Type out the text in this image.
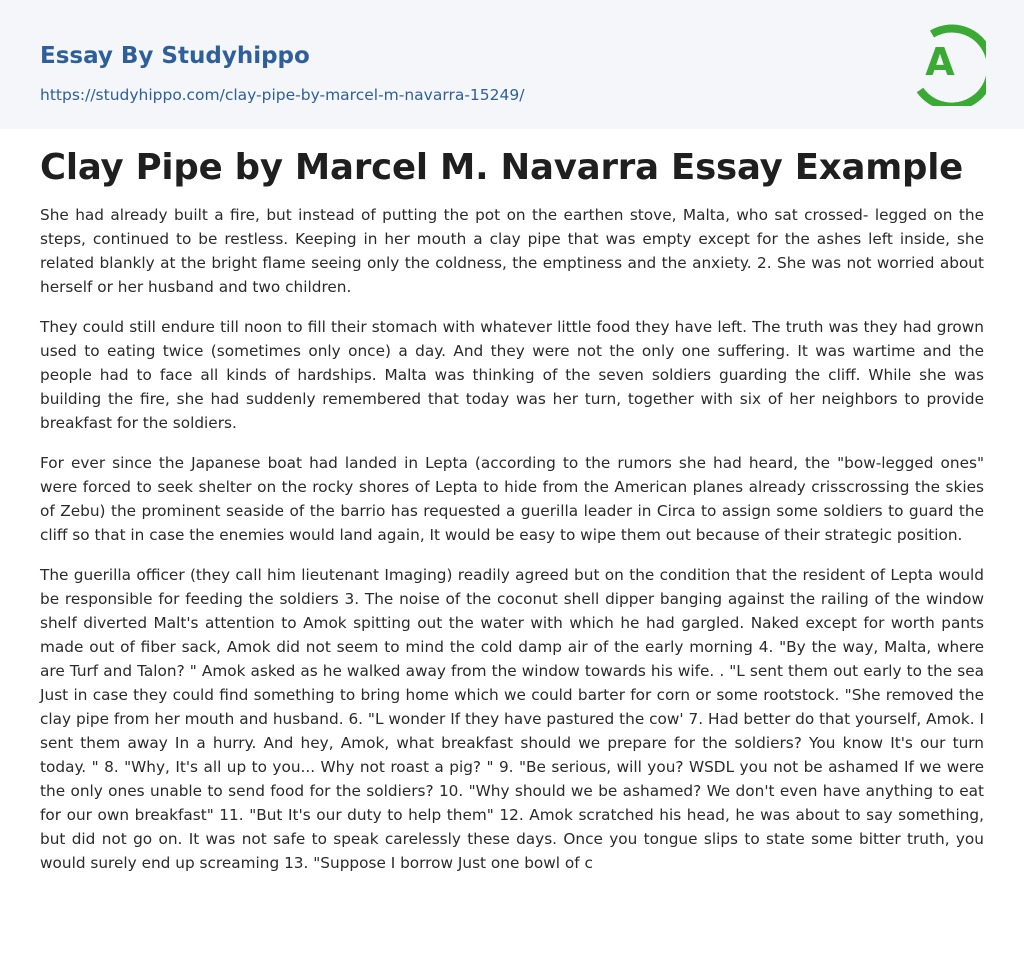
Essay By Studyhippo
https://studyhippo.com/clay-pipe-by-marcel-m-navarra-15249/
A
Clay Pipe by Marcel M. Navarra Essay Example

She had already built a fire, but instead of putting the pot on the earthen stove, Malta, who sat crossed- legged on the steps, continued to be restless. Keeping in her mouth a clay pipe that was empty except for the ashes left inside, she related blankly at the bright flame seeing only the coldness, the emptiness and the anxiety. 2. She was not worried about herself or her husband and two children.

They could still endure till noon to fill their stomach with whatever little food they have left. The truth was they had grown used to eating twice (sometimes only once) a day. And they were not the only one suffering. It was wartime and the people had to face all kinds of hardships. Malta was thinking of the seven soldiers guarding the cliff. While she was building the fire, she had suddenly remembered that today was her turn, together with six of her neighbors to provide breakfast for the soldiers.

For ever since the Japanese boat had landed in Lepta (according to the rumors she had heard, the "bow-legged ones" were forced to seek shelter on the rocky shores of Lepta to hide from the American planes already crisscrossing the skies of Zebu) the prominent seaside of the barrio has requested a guerilla leader in Circa to assign some soldiers to guard the cliff so that in case the enemies would land again, It would be easy to wipe them out because of their strategic position.

The guerilla officer (they call him lieutenant Imaging) readily agreed but on the condition that the resident of Lepta would be responsible for feeding the soldiers 3. The noise of the coconut shell dipper banging against the railing of the window shelf diverted Malt's attention to Amok spitting out the water with which he had gargled. Naked except for worth pants made out of fiber sack, Amok did not seem to mind the cold damp air of the early morning 4. "By the way, Malta, where are Turf and Talon? " Amok asked as he walked away from the window towards his wife. . "L sent them out early to the sea Just in case they could find something to bring home which we could barter for corn or some rootstock. "She removed the clay pipe from her mouth and husband. 6. "L wonder If they have pastured the cow' 7. Had better do that yourself, Amok. I sent them away In a hurry. And hey, Amok, what breakfast should we prepare for the soldiers? You know It's our turn today. " 8. "Why, It's all up to you... Why not roast a pig? " 9. "Be serious, will you? WSDL you not be ashamed If we were the only ones unable to send food for the soldiers? 10. "Why should we be ashamed? We don't even have anything to eat for our own breakfast" 11. "But It's our duty to help them" 12. Amok scratched his head, he was about to say something, but did not go on. It was not safe to speak carelessly these days. Once you tongue slips to state some bitter truth, you would surely end up screaming 13. "Suppose I borrow Just one bowl of c
